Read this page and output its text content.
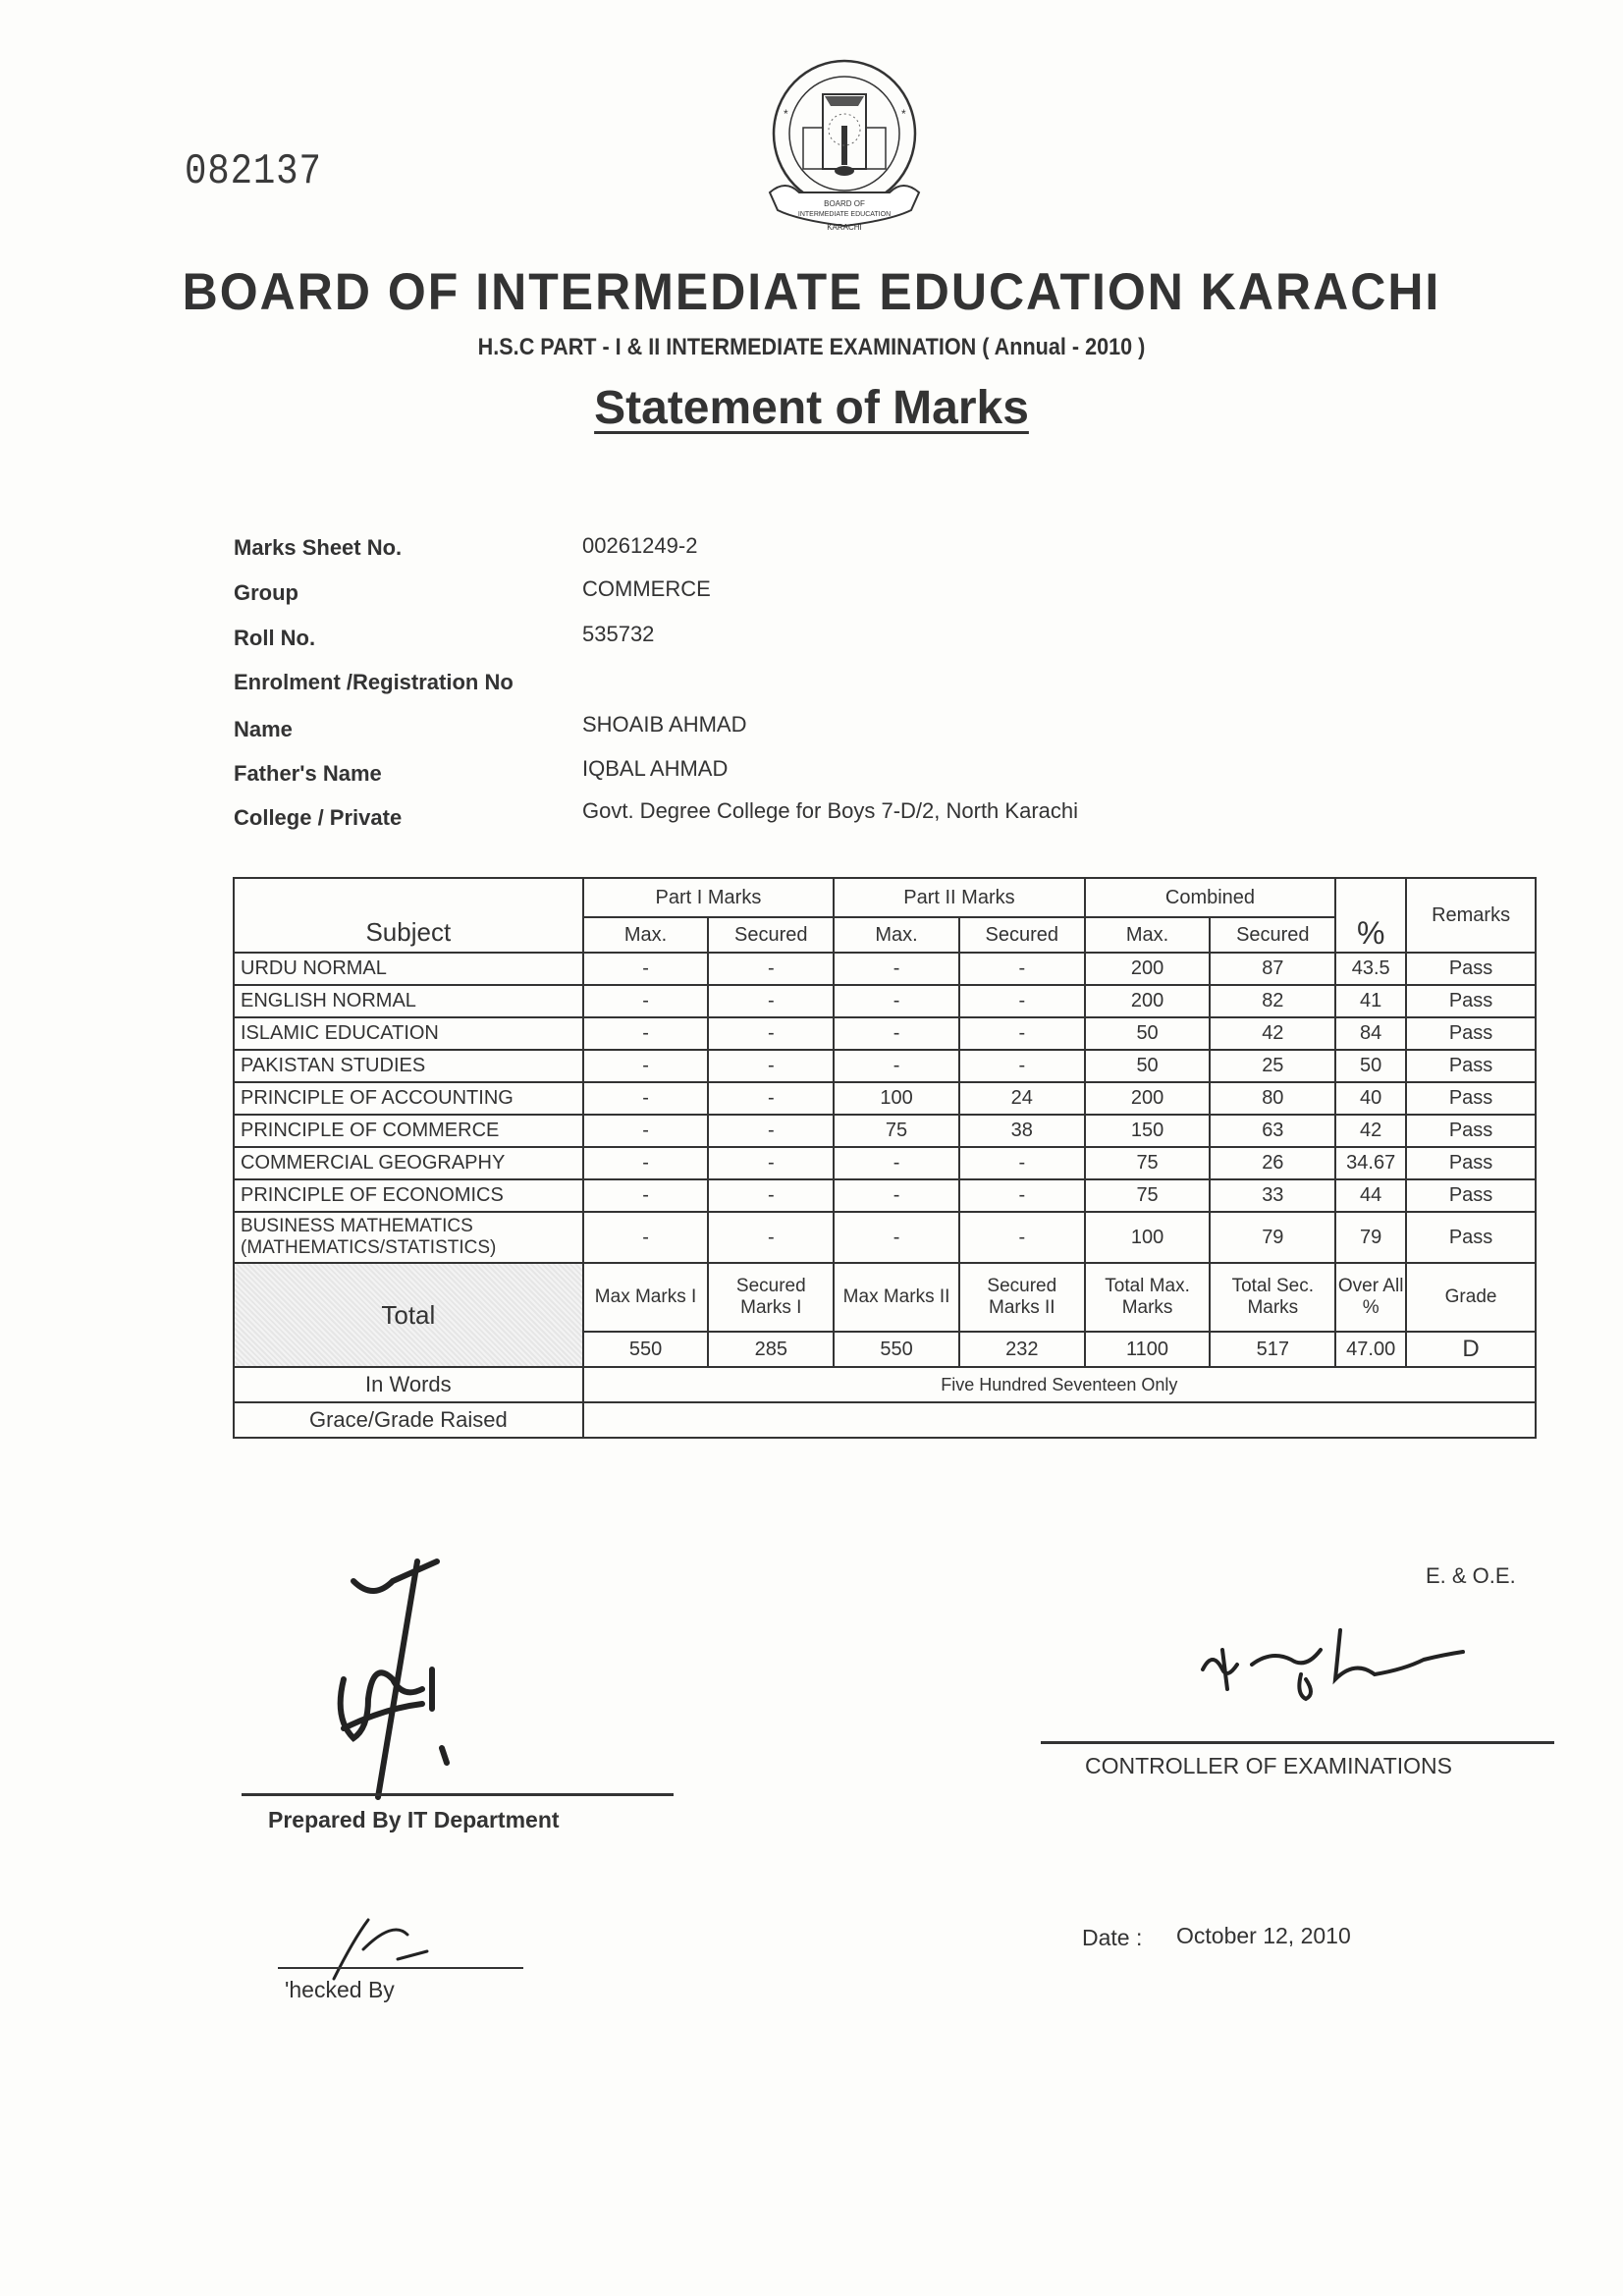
082137
*	*
BOARD OF
INTERMEDIATE EDUCATION
KARACHI
BOARD OF INTERMEDIATE EDUCATION KARACHI
H.S.C PART - I & II INTERMEDIATE EXAMINATION ( Annual - 2010 )
Statement of Marks
Marks Sheet No.	00261249-2
Group	COMMERCE
Roll No.	535732
Enrolment /Registration No
Name	SHOAIB AHMAD
Father's Name	IQBAL AHMAD
College / Private	Govt. Degree College for Boys 7-D/2, North Karachi
Subject	Part I Marks		Part II Marks		Combined		%	Remarks
	Max.	Secured	Max.	Secured	Max.	Secured		
URDU NORMAL	-	-	-	-	200	87	43.5	Pass
ENGLISH NORMAL	-	-	-	-	200	82	41	Pass
ISLAMIC EDUCATION	-	-	-	-	50	42	84	Pass
PAKISTAN STUDIES	-	-	-	-	50	25	50	Pass
PRINCIPLE OF ACCOUNTING	-	-	100	24	200	80	40	Pass
PRINCIPLE OF COMMERCE	-	-	75	38	150	63	42	Pass
COMMERCIAL GEOGRAPHY	-	-	-	-	75	26	34.67	Pass
PRINCIPLE OF ECONOMICS	-	-	-	-	75	33	44	Pass
BUSINESS MATHEMATICS (MATHEMATICS/STATISTICS)	-	-	-	-	100	79	79	Pass
Total	Max Marks I	Secured Marks I	Max Marks II	Secured Marks II	Total Max. Marks	Total Sec. Marks	Over All %	Grade
	550	285	550	232	1100	517	47.00	D
In Words	Five Hundred Seventeen Only							
Grace/Grade Raised								
E. & O.E.
CONTROLLER OF EXAMINATIONS
Prepared By IT Department
'hecked By
Date : October 12, 2010
